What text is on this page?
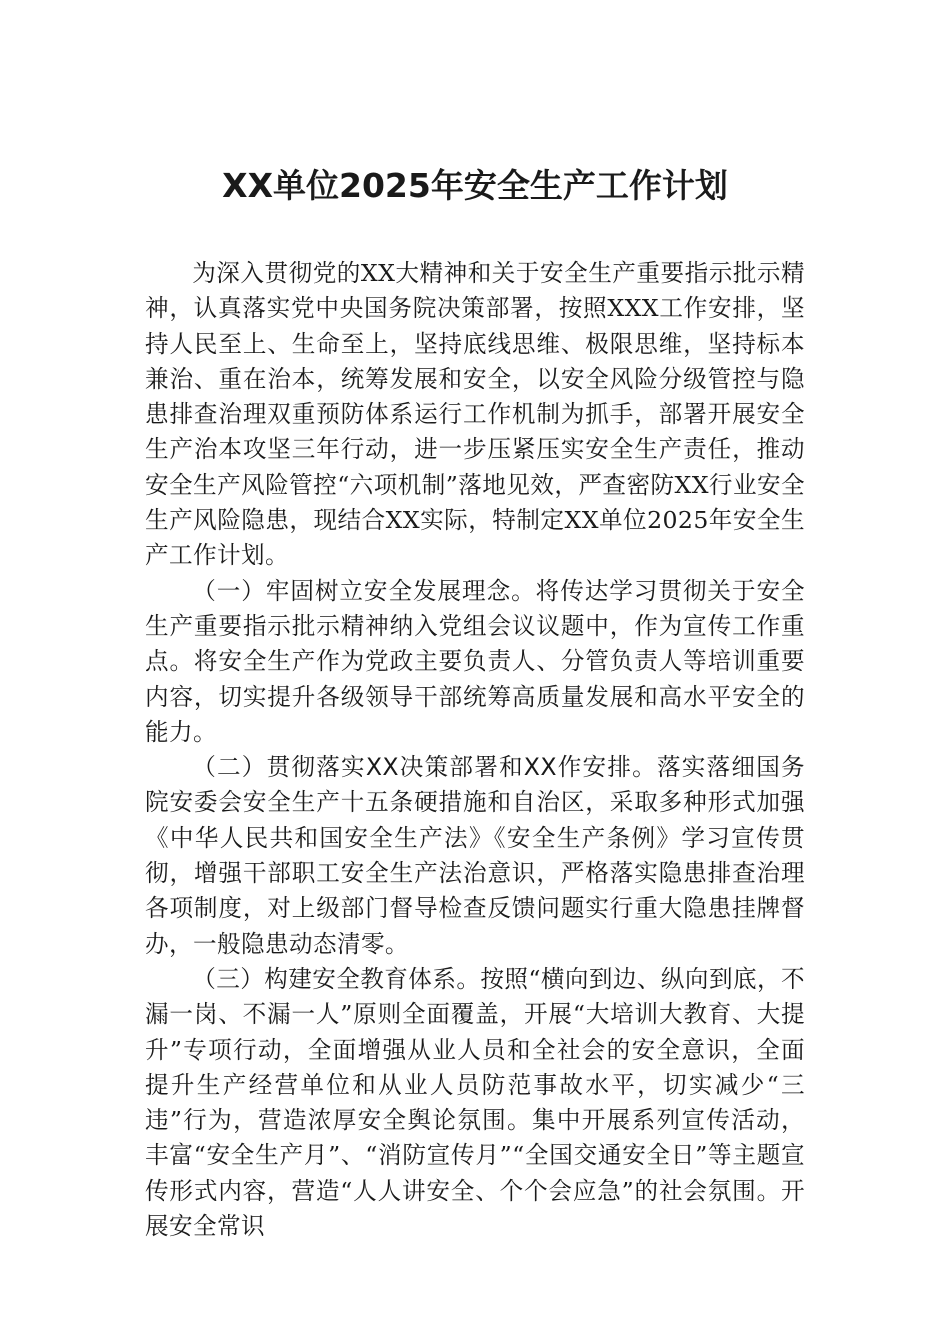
XX单位2025年安全生产工作计划

为深入贯彻党的XX大精神和关于安全生产重要指示批示精神，认真落实党中央国务院决策部署，按照XXX工作安排，坚持人民至上、生命至上，坚持底线思维、极限思维，坚持标本兼治、重在治本，统筹发展和安全，以安全风险分级管控与隐患排查治理双重预防体系运行工作机制为抓手，部署开展安全生产治本攻坚三年行动，进一步压紧压实安全生产责任，推动安全生产风险管控“六项机制”落地见效，严查密防XX行业安全生产风险隐患，现结合XX实际，特制定XX单位2025年安全生产工作计划。

（一）牢固树立安全发展理念。将传达学习贯彻关于安全生产重要指示批示精神纳入党组会议议题中，作为宣传工作重点。将安全生产作为党政主要负责人、分管负责人等培训重要内容，切实提升各级领导干部统筹高质量发展和高水平安全的能力。

（二）贯彻落实XX决策部署和XX作安排。落实落细国务院安委会安全生产十五条硬措施和自治区，采取多种形式加强《中华人民共和国安全生产法》《安全生产条例》学习宣传贯彻，增强干部职工安全生产法治意识，严格落实隐患排查治理各项制度，对上级部门督导检查反馈问题实行重大隐患挂牌督办，一般隐患动态清零。

（三）构建安全教育体系。按照“横向到边、纵向到底，不漏一岗、不漏一人”原则全面覆盖，开展“大培训大教育、大提升”专项行动，全面增强从业人员和全社会的安全意识，全面提升生产经营单位和从业人员防范事故水平，切实减少“三违”行为，营造浓厚安全舆论氛围。集中开展系列宣传活动，丰富“安全生产月”、“消防宣传月”“全国交通安全日”等主题宣传形式内容，营造“人人讲安全、个个会应急”的社会氛围。开展安全常识
